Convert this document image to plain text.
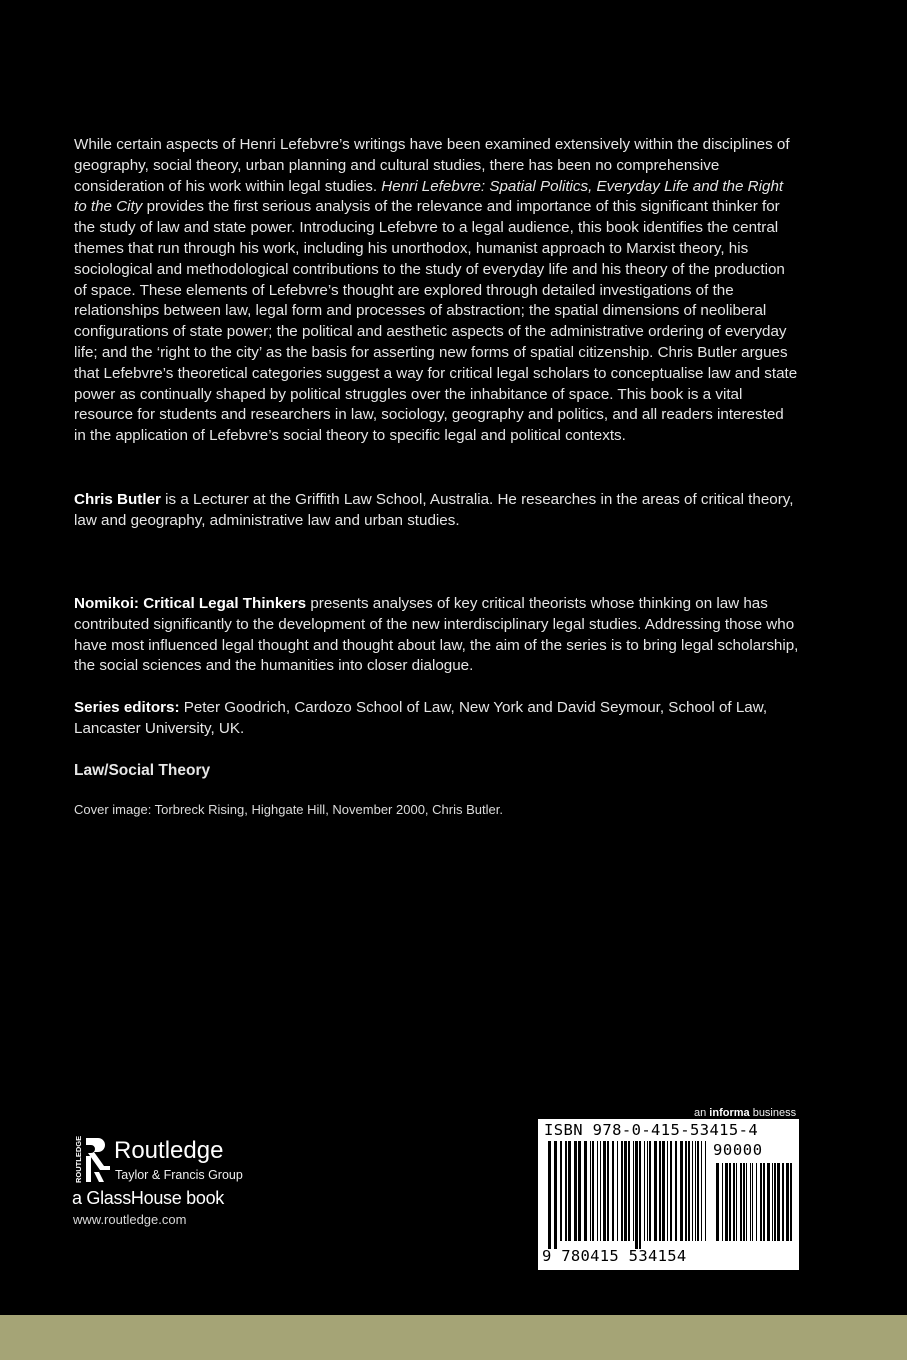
While certain aspects of Henri Lefebvre’s writings have been examined extensively within the disciplines of geography, social theory, urban planning and cultural studies, there has been no comprehensive consideration of his work within legal studies. Henri Lefebvre: Spatial Politics, Everyday Life and the Right to the City provides the first serious analysis of the relevance and importance of this significant thinker for the study of law and state power. Introducing Lefebvre to a legal audience, this book identifies the central themes that run through his work, including his unorthodox, humanist approach to Marxist theory, his sociological and methodological contributions to the study of everyday life and his theory of the production of space. These elements of Lefebvre’s thought are explored through detailed investigations of the relationships between law, legal form and processes of abstraction; the spatial dimensions of neoliberal configurations of state power; the political and aesthetic aspects of the administrative ordering of everyday life; and the ‘right to the city’ as the basis for asserting new forms of spatial citizenship. Chris Butler argues that Lefebvre’s theoretical categories suggest a way for critical legal scholars to conceptualise law and state power as continually shaped by political struggles over the inhabitance of space. This book is a vital resource for students and researchers in law, sociology, geography and politics, and all readers interested in the application of Lefebvre’s social theory to specific legal and political contexts.

Chris Butler is a Lecturer at the Griffith Law School, Australia. He researches in the areas of critical theory, law and geography, administrative law and urban studies.

Nomikoi: Critical Legal Thinkers presents analyses of key critical theorists whose thinking on law has contributed significantly to the development of the new interdisciplinary legal studies. Addressing those who have most influenced legal thought and thought about law, the aim of the series is to bring legal scholarship, the social sciences and the humanities into closer dialogue.

Series editors: Peter Goodrich, Cardozo School of Law, New York and David Seymour, School of Law, Lancaster University, UK.

Law/Social Theory
Cover image: Torbreck Rising, Highgate Hill, November 2000, Chris Butler.
ROUTLEDGE Routledge
Taylor & Francis Group
a GlassHouse book
www.routledge.com
an informa business
ISBN 978-0-415-53415-4
90000
9 780415 534154
